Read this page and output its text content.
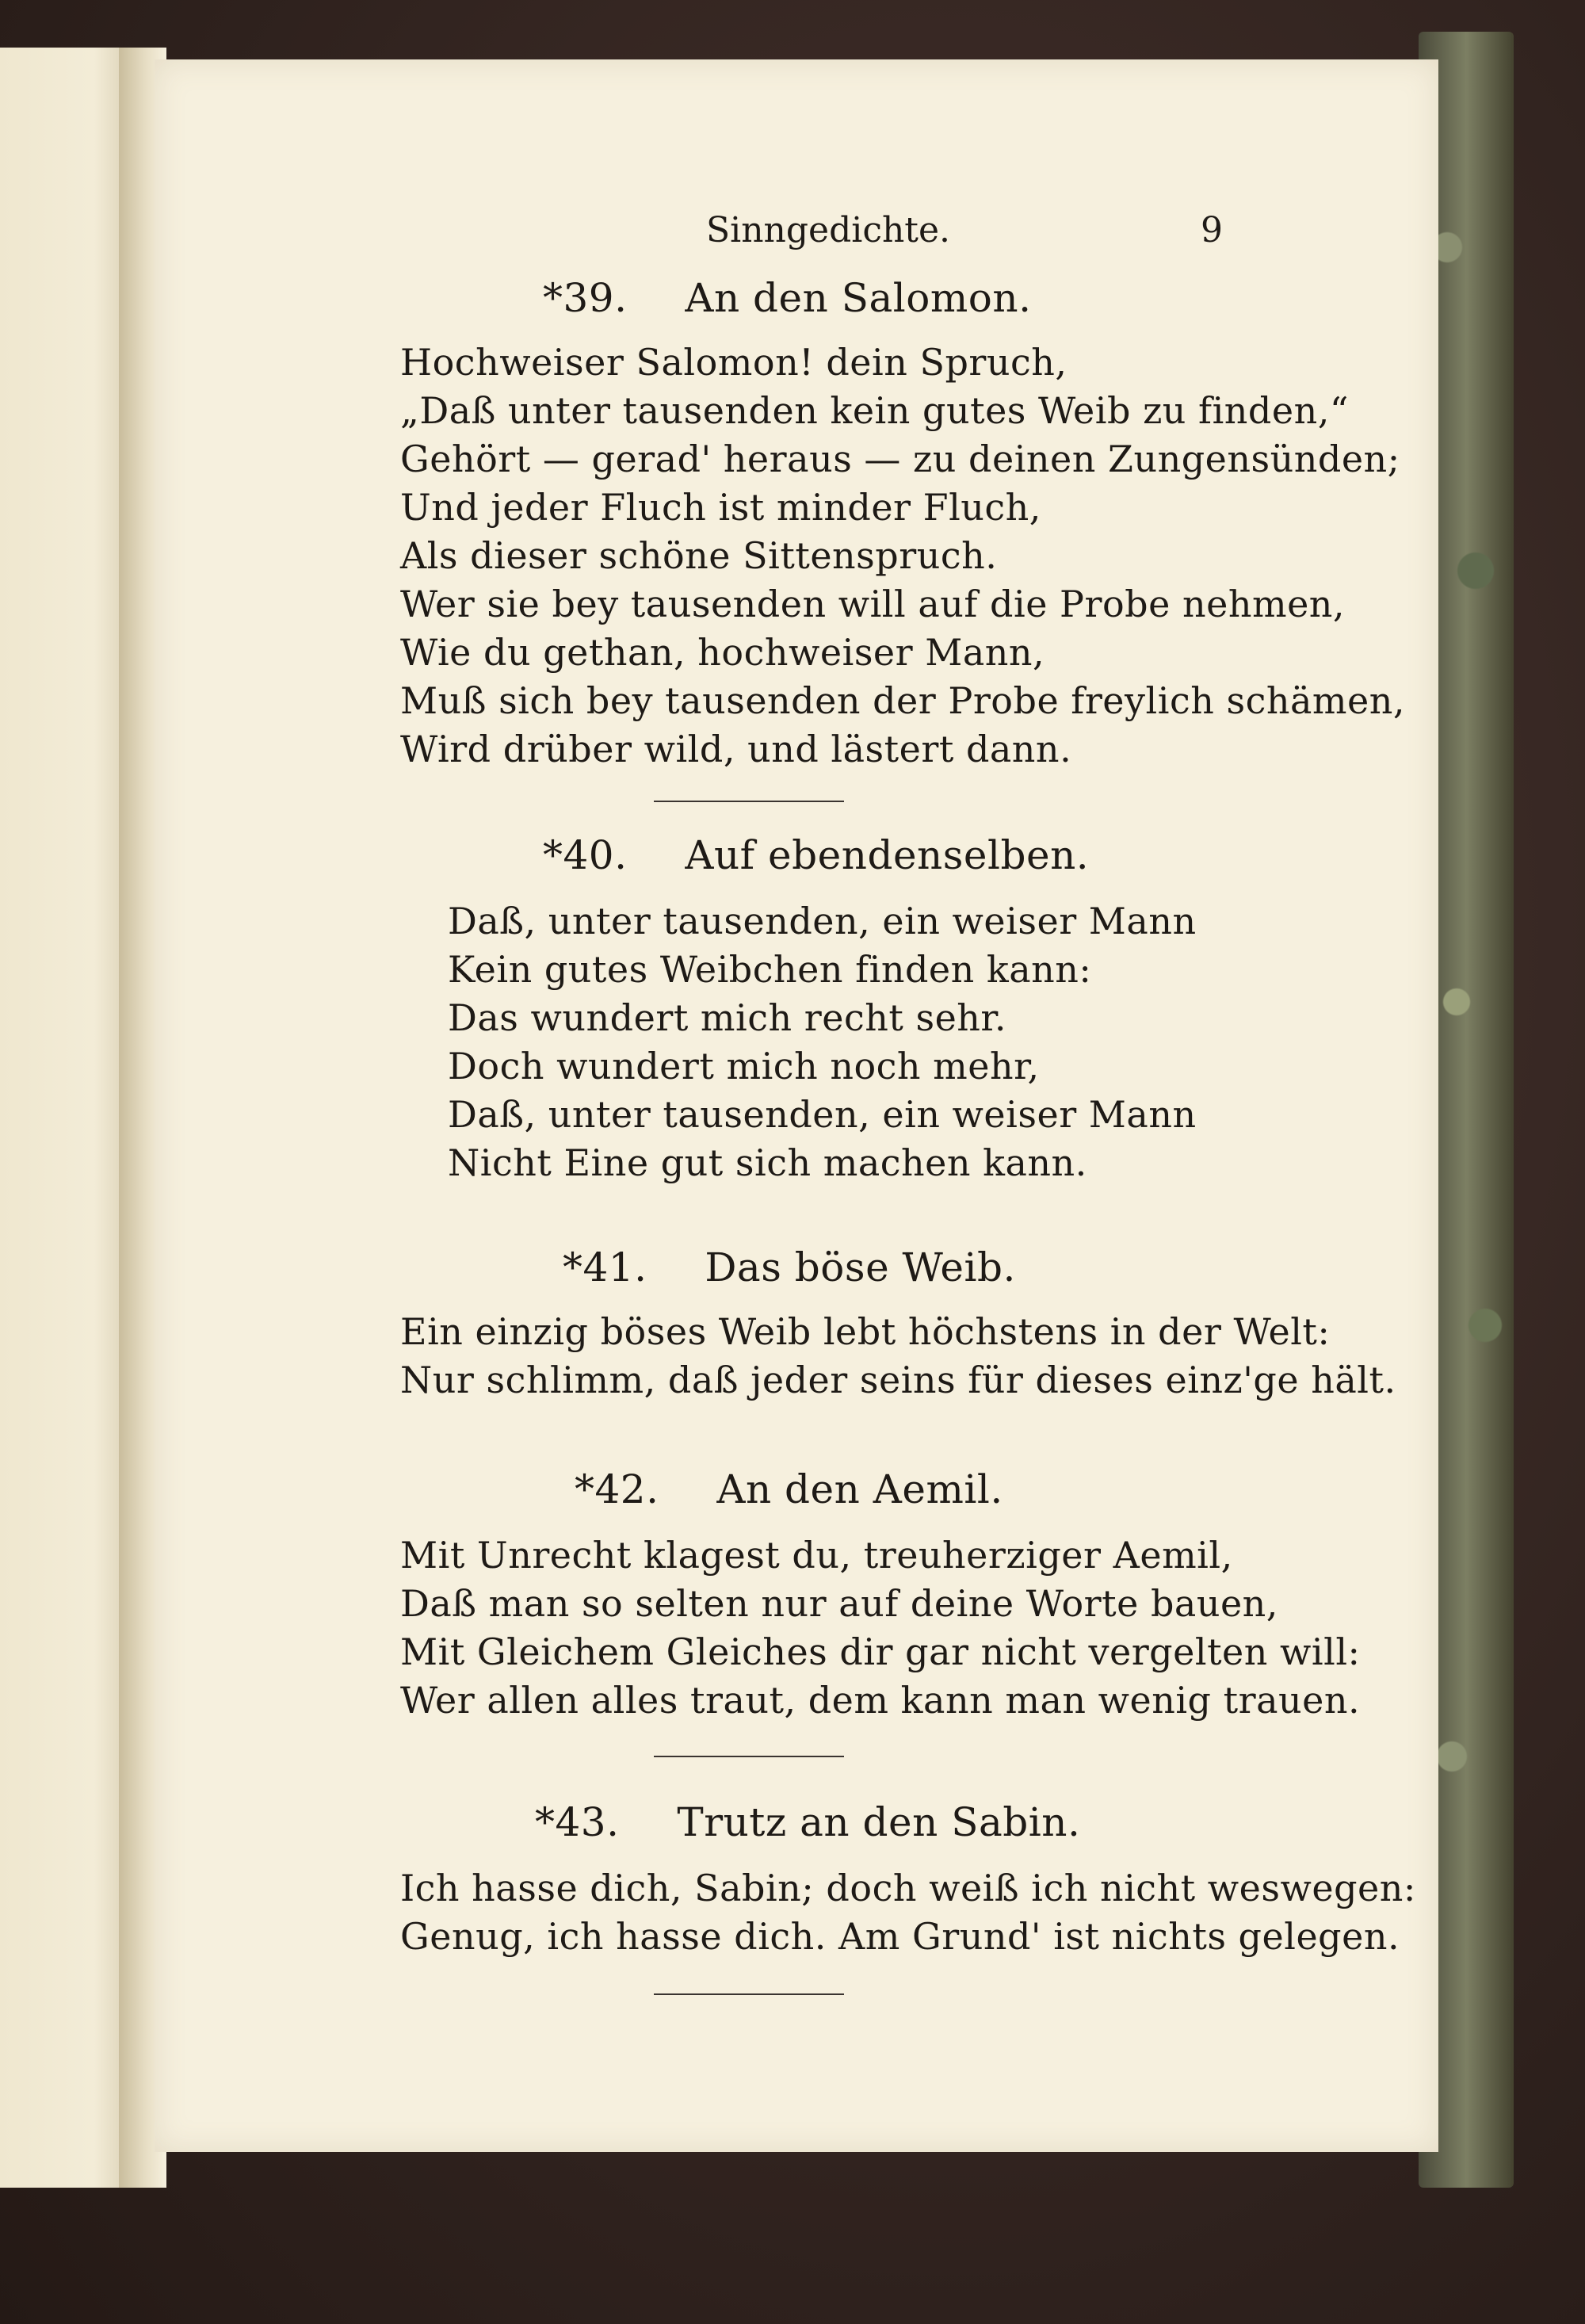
Sinngedichte.	9
*39. An den Salomon.
Hochweiser Salomon! dein Spruch,
„Daß unter tausenden kein gutes Weib zu finden,“
Gehört — gerad' heraus — zu deinen Zungensünden;
Und jeder Fluch ist minder Fluch,
Als dieser schöne Sittenspruch.
Wer sie bey tausenden will auf die Probe nehmen,
Wie du gethan, hochweiser Mann,
Muß sich bey tausenden der Probe freylich schämen,
Wird drüber wild, und lästert dann.
*40. Auf ebendenselben.
Daß, unter tausenden, ein weiser Mann
Kein gutes Weibchen finden kann:
Das wundert mich recht sehr.
Doch wundert mich noch mehr,
Daß, unter tausenden, ein weiser Mann
Nicht Eine gut sich machen kann.
*41. Das böse Weib.
Ein einzig böses Weib lebt höchstens in der Welt:
Nur schlimm, daß jeder seins für dieses einz'ge hält.
*42. An den Aemil.
Mit Unrecht klagest du, treuherziger Aemil,
Daß man so selten nur auf deine Worte bauen,
Mit Gleichem Gleiches dir gar nicht vergelten will:
Wer allen alles traut, dem kann man wenig trauen.
*43. Trutz an den Sabin.
Ich hasse dich, Sabin; doch weiß ich nicht weswegen:
Genug, ich hasse dich. Am Grund' ist nichts gelegen.
